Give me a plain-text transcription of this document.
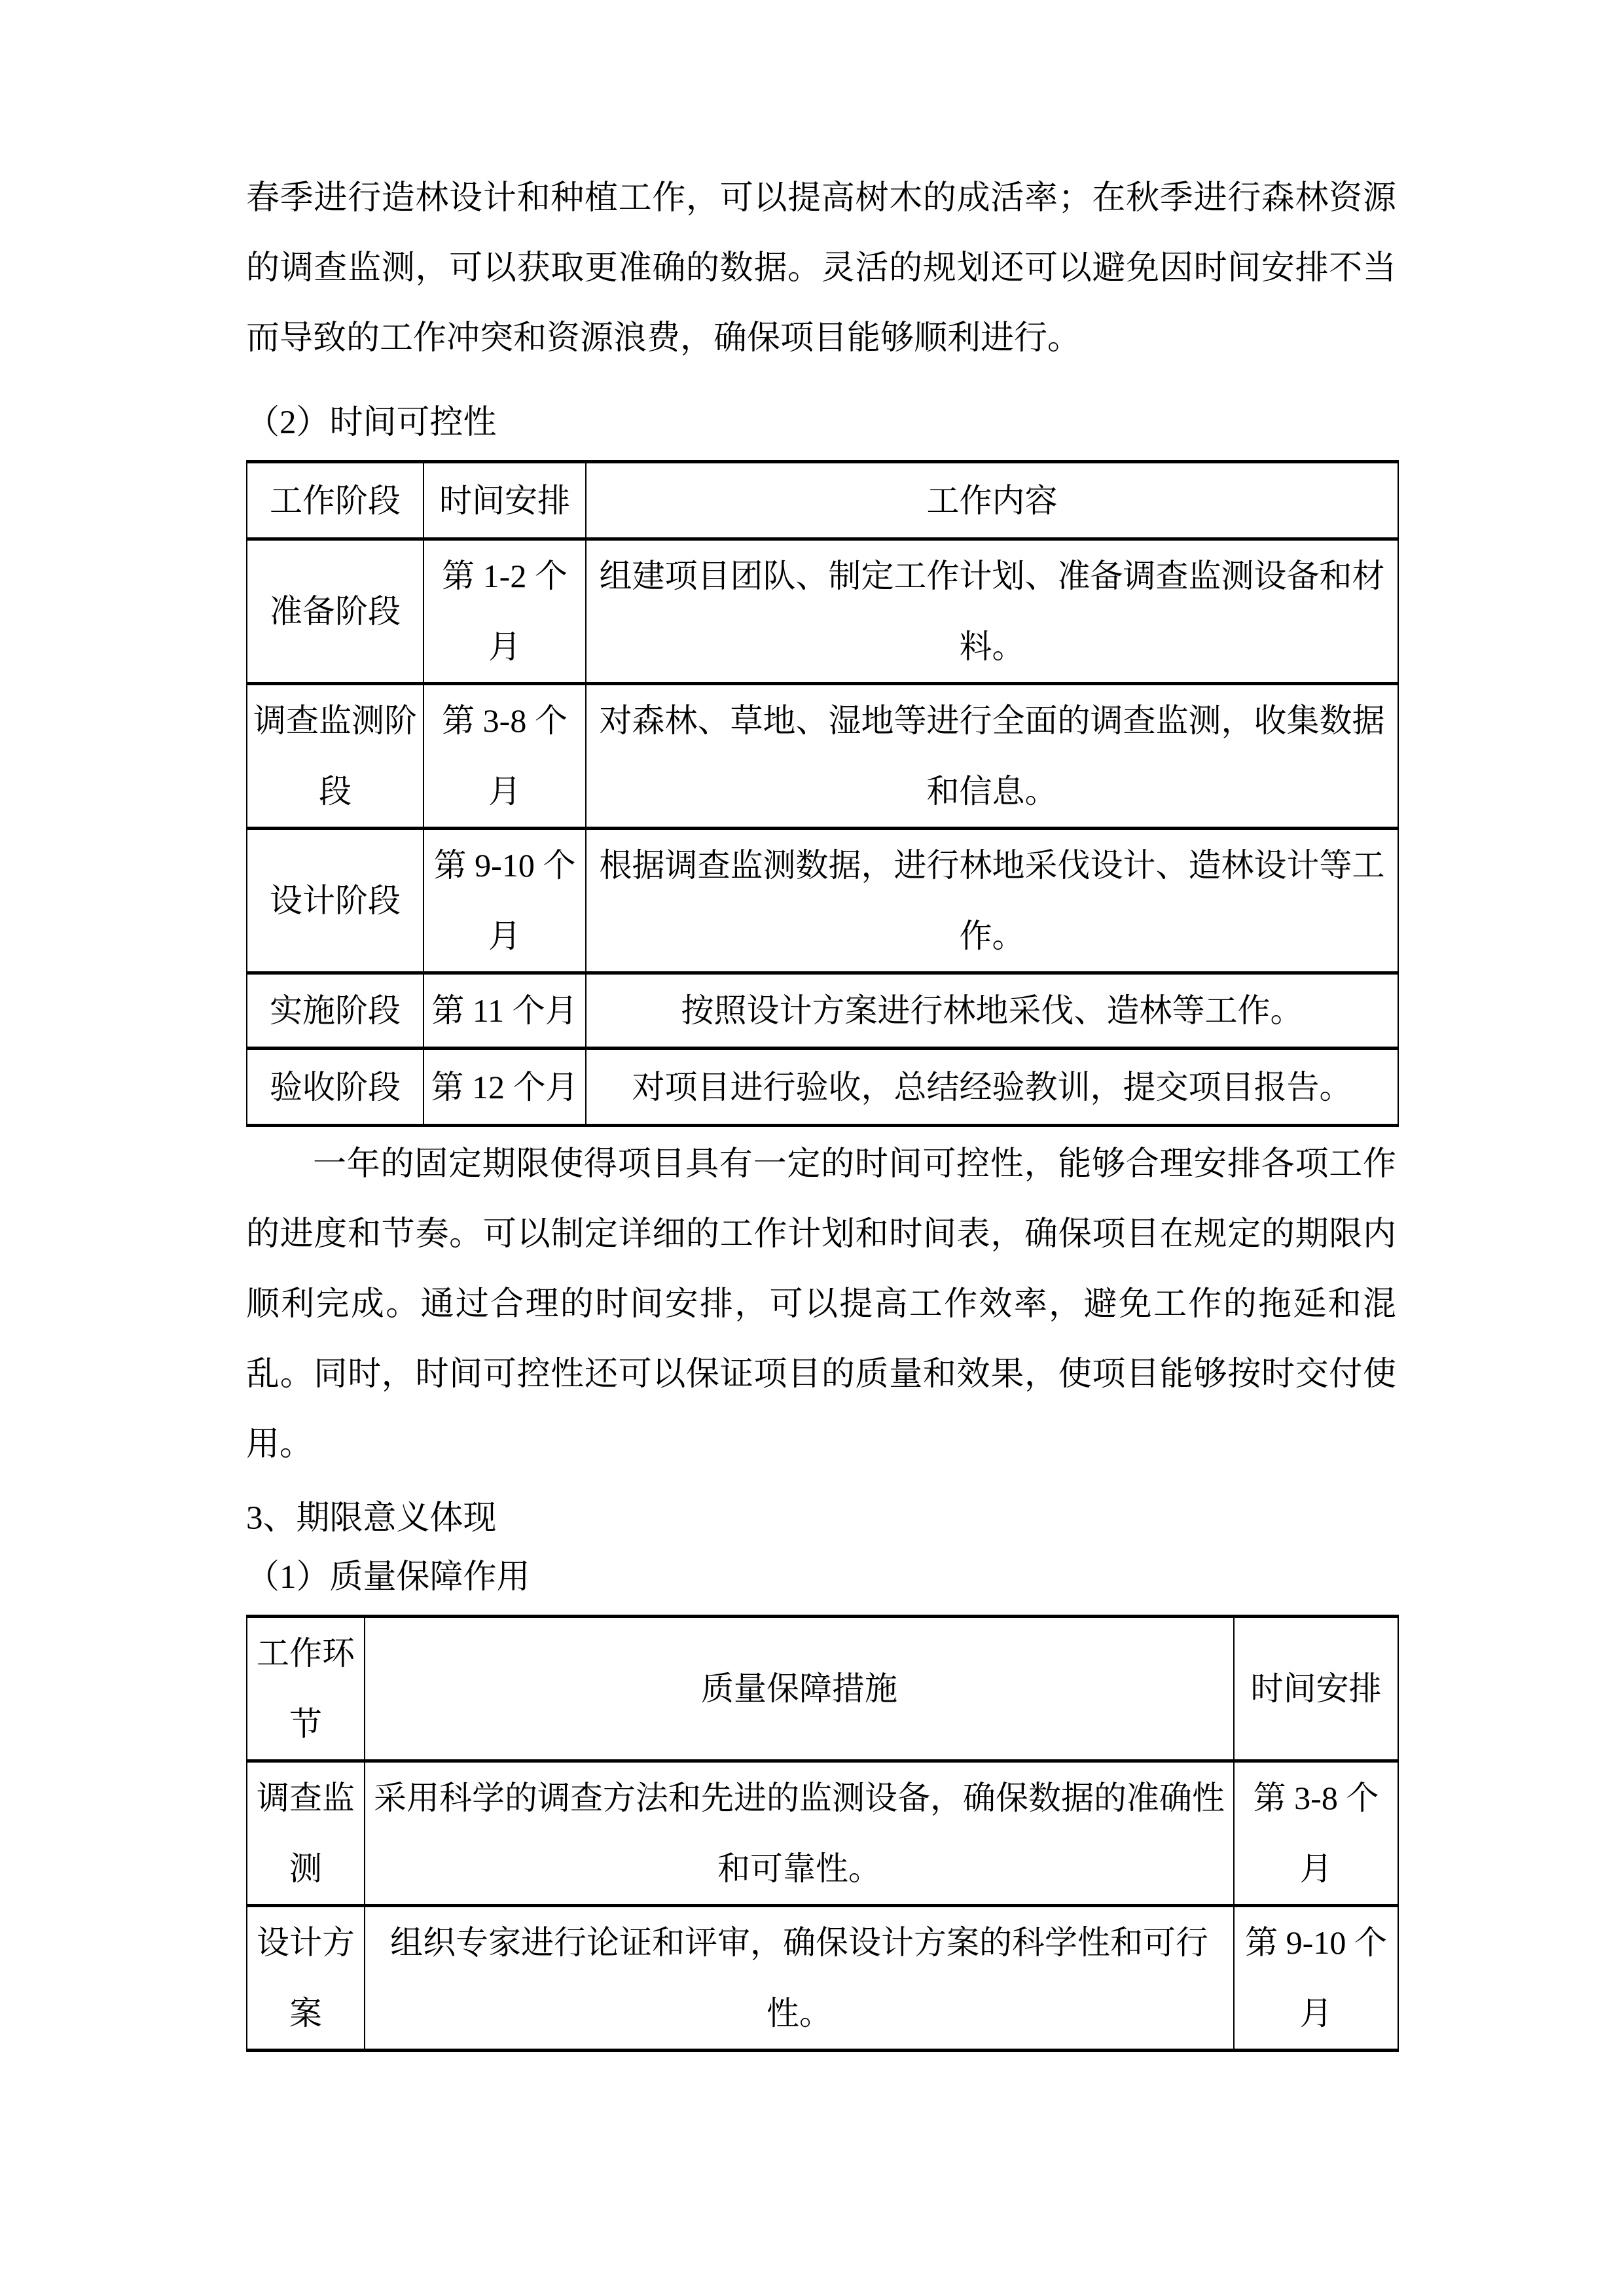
春季进行造林设计和种植工作，可以提高树木的成活率；在秋季进行森林资源的调查监测，可以获取更准确的数据。灵活的规划还可以避免因时间安排不当而导致的工作冲突和资源浪费，确保项目能够顺利进行。

（2）时间可控性

工作阶段	时间安排	工作内容
准备阶段	第 1-2 个月	组建项目团队、制定工作计划、准备调查监测设备和材料。
调查监测阶段	第 3-8 个月	对森林、草地、湿地等进行全面的调查监测，收集数据和信息。
设计阶段	第 9-10 个月	根据调查监测数据，进行林地采伐设计、造林设计等工作。
实施阶段	第 11 个月	按照设计方案进行林地采伐、造林等工作。
验收阶段	第 12 个月	对项目进行验收，总结经验教训，提交项目报告。

一年的固定期限使得项目具有一定的时间可控性，能够合理安排各项工作的进度和节奏。可以制定详细的工作计划和时间表，确保项目在规定的期限内顺利完成。通过合理的时间安排，可以提高工作效率，避免工作的拖延和混乱。同时，时间可控性还可以保证项目的质量和效果，使项目能够按时交付使用。

3、期限意义体现

（1）质量保障作用

工作环节	质量保障措施	时间安排
调查监测	采用科学的调查方法和先进的监测设备，确保数据的准确性和可靠性。	第 3-8 个月
设计方案	组织专家进行论证和评审，确保设计方案的科学性和可行性。	第 9-10 个月
